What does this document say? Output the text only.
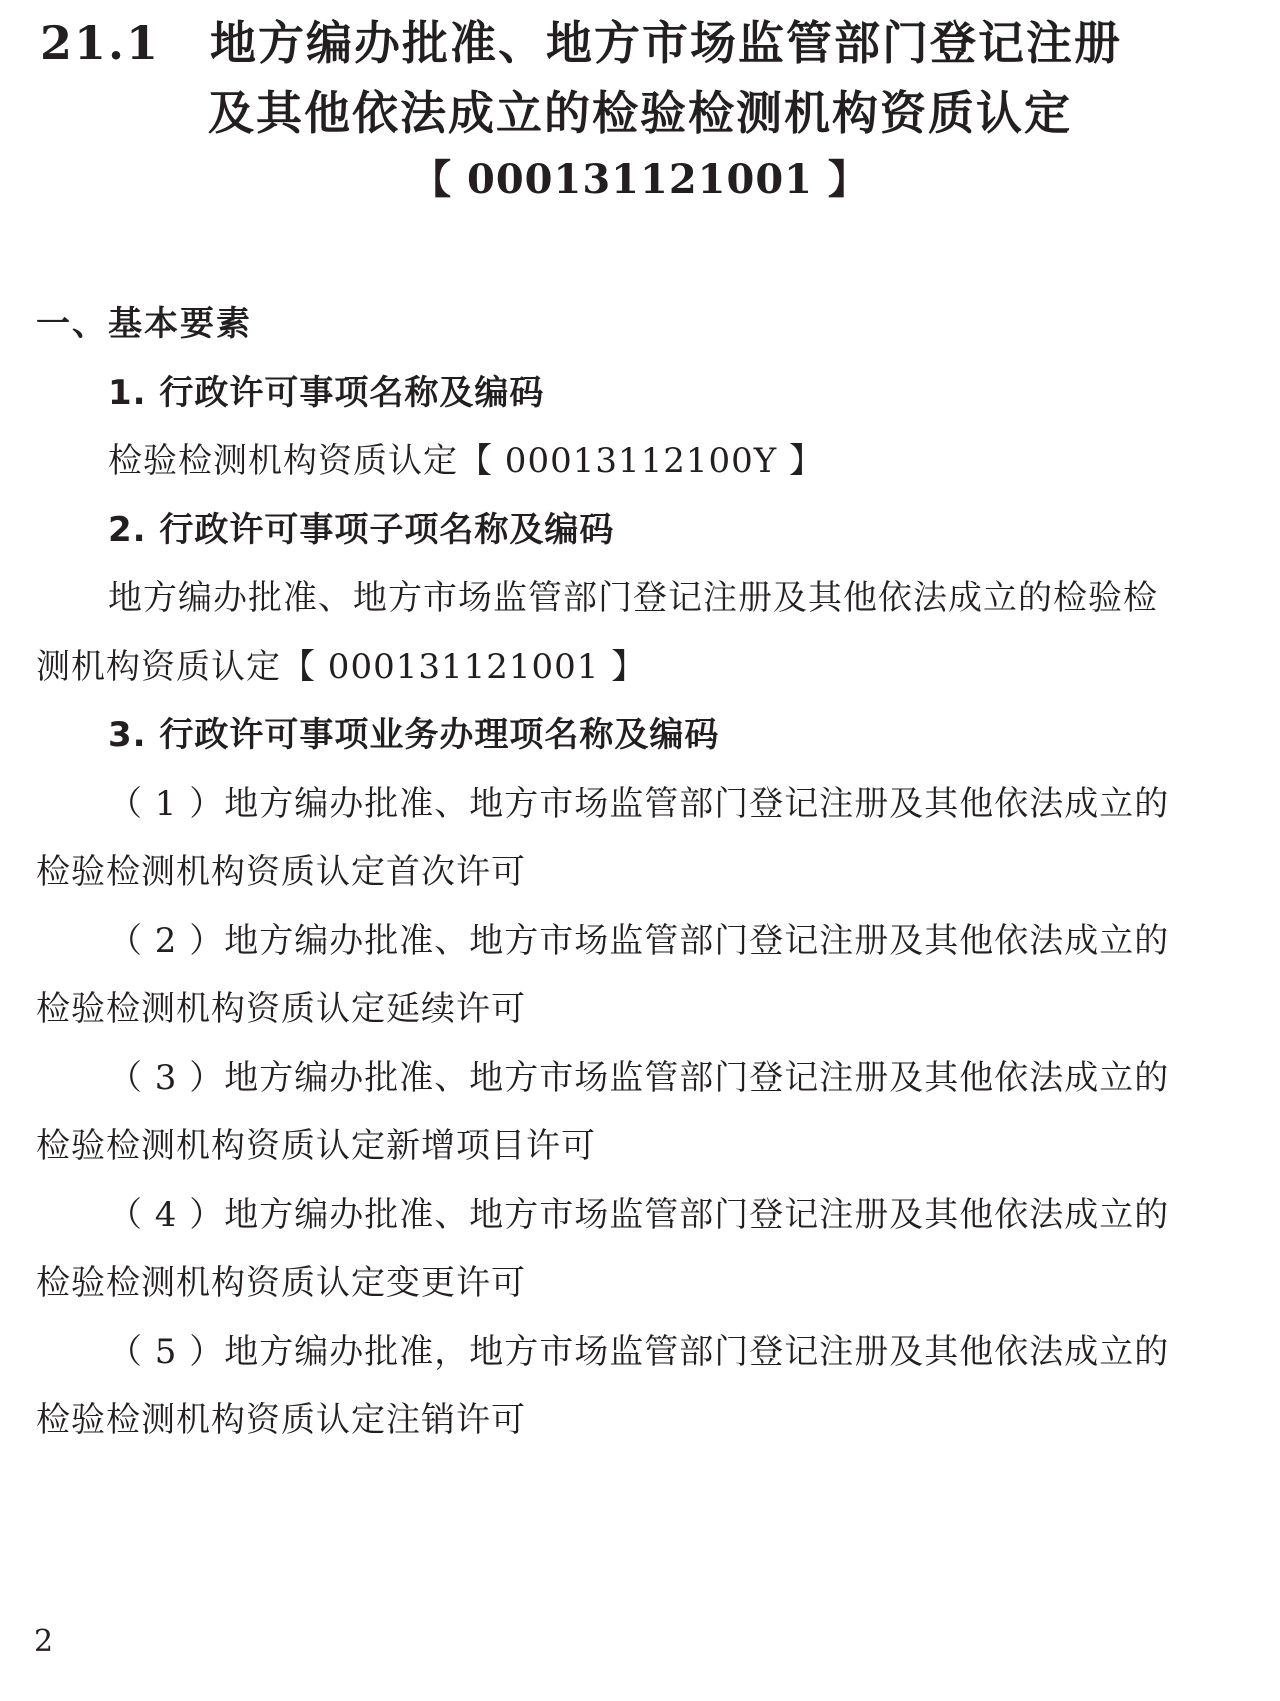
21.1 地方编办批准、地方市场监管部门登记注册
及其他依法成立的检验检测机构资质认定
【 000131121001 】
一、基本要素
1. 行政许可事项名称及编码
检验检测机构资质认定【 00013112100Y 】
2. 行政许可事项子项名称及编码
地方编办批准、地方市场监管部门登记注册及其他依法成立的检验检
测机构资质认定【 000131121001 】
3. 行政许可事项业务办理项名称及编码
（ 1 ）地方编办批准、地方市场监管部门登记注册及其他依法成立的
检验检测机构资质认定首次许可
（ 2 ）地方编办批准、地方市场监管部门登记注册及其他依法成立的
检验检测机构资质认定延续许可
（ 3 ）地方编办批准、地方市场监管部门登记注册及其他依法成立的
检验检测机构资质认定新增项目许可
（ 4 ）地方编办批准、地方市场监管部门登记注册及其他依法成立的
检验检测机构资质认定变更许可
（ 5 ）地方编办批准，地方市场监管部门登记注册及其他依法成立的
检验检测机构资质认定注销许可
2
